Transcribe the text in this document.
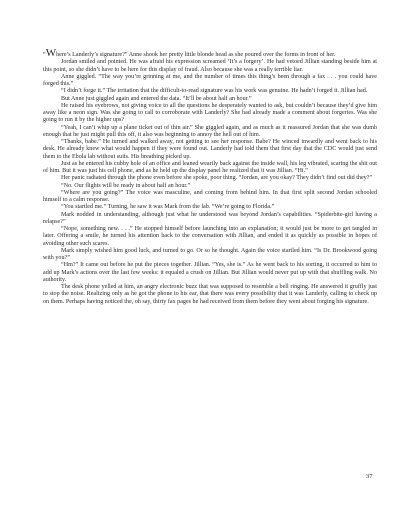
“Where’s Landerly’s signature?” Anne shook her pretty little blonde head as she poured over the forms in front of her.

Jordan smiled and pointed. He was afraid his expression screamed ‘It’s a forgery’. He had vetoed Jillian standing beside him at this point, so she didn’t have to be here for this display of fraud. Also because she was a really terrible liar.

Anne giggled. “The way you’re grinning at me, and the number of times this thing’s been through a fax . . . you could have forged this.”

“I didn’t forge it.” The irritation that the difficult-to-read signature was his work was genuine. He hadn’t forged it. Jillian had.

But Anne just giggled again and entered the data. “It’ll be about half an hour.”

He raised his eyebrows, not giving voice to all the questions he desperately wanted to ask, but couldn’t because they’d give him away like a neon sign. Was she going to call to corroborate with Landerly? She had already made a comment about forgeries. Was she going to run it by the higher ups?

“Yeah, I can’t whip up a plane ticket out of thin air.” She giggled again, and as much as it reassured Jordan that she was dumb enough that he just might pull this off, it also was beginning to annoy the hell out of him.

“Thanks, babe.” He turned and walked away, not getting to see her response. Babe? He winced inwardly and went back to his desk. He already knew what would happen if they were found out. Landerly had told them that first day that the CDC would just send them to the Ebola lab without suits. His breathing picked up.

Just as he entered his cubby hole of an office and leaned wearily back against the inside wall, his leg vibrated, scaring the shit out of him. But it was just his cell phone, and as he held up the display panel he realized that it was Jillian. “Hi.”

Her panic radiated through the phone even before she spoke, poor thing. “Jordan, are you okay? They didn’t find out did they?”

“No. Our flights will be ready in about half an hour.”

“Where are you going?” The voice was masculine, and coming from behind him. In that first split second Jordan schooled himself to a calm response.

“You startled me.” Turning, he saw it was Mark from the lab. “We’re going to Florida.”

Mark nodded in understanding, although just what he understood was beyond Jordan’s capabilities. “Spiderbite-girl having a relapse?”

“Nope, something new. . . .” He stopped himself before launching into an explanation; it would just be more to get tangled in later. Offering a smile, he turned his attention back to the conversation with Jillian, and ended it as quickly as possible in hopes of avoiding other such scares.

Mark simply wished him good luck, and turned to go. Or so he thought. Again the voice startled him. “Is Dr. Brookwood going with you?”

“Hm?” It came out before he put the pieces together. Jillian. “Yes, she is.” As he went back to his sorting, it occurred to him to add up Mark’s actions over the last few weeks: it equaled a crush on Jillian. But Jillian would never put up with that shuffling walk. No authority.

The desk phone yelled at him, an angry electronic buzz that was supposed to resemble a bell ringing. He answered it gruffly just to stop the noise. Realizing only as he got the phone to his ear, that there was every possibility that it was Landerly, calling to check up on them. Perhaps having noticed the, oh say, thirty fax pages he had received from them before they went about forging his signature.

37
